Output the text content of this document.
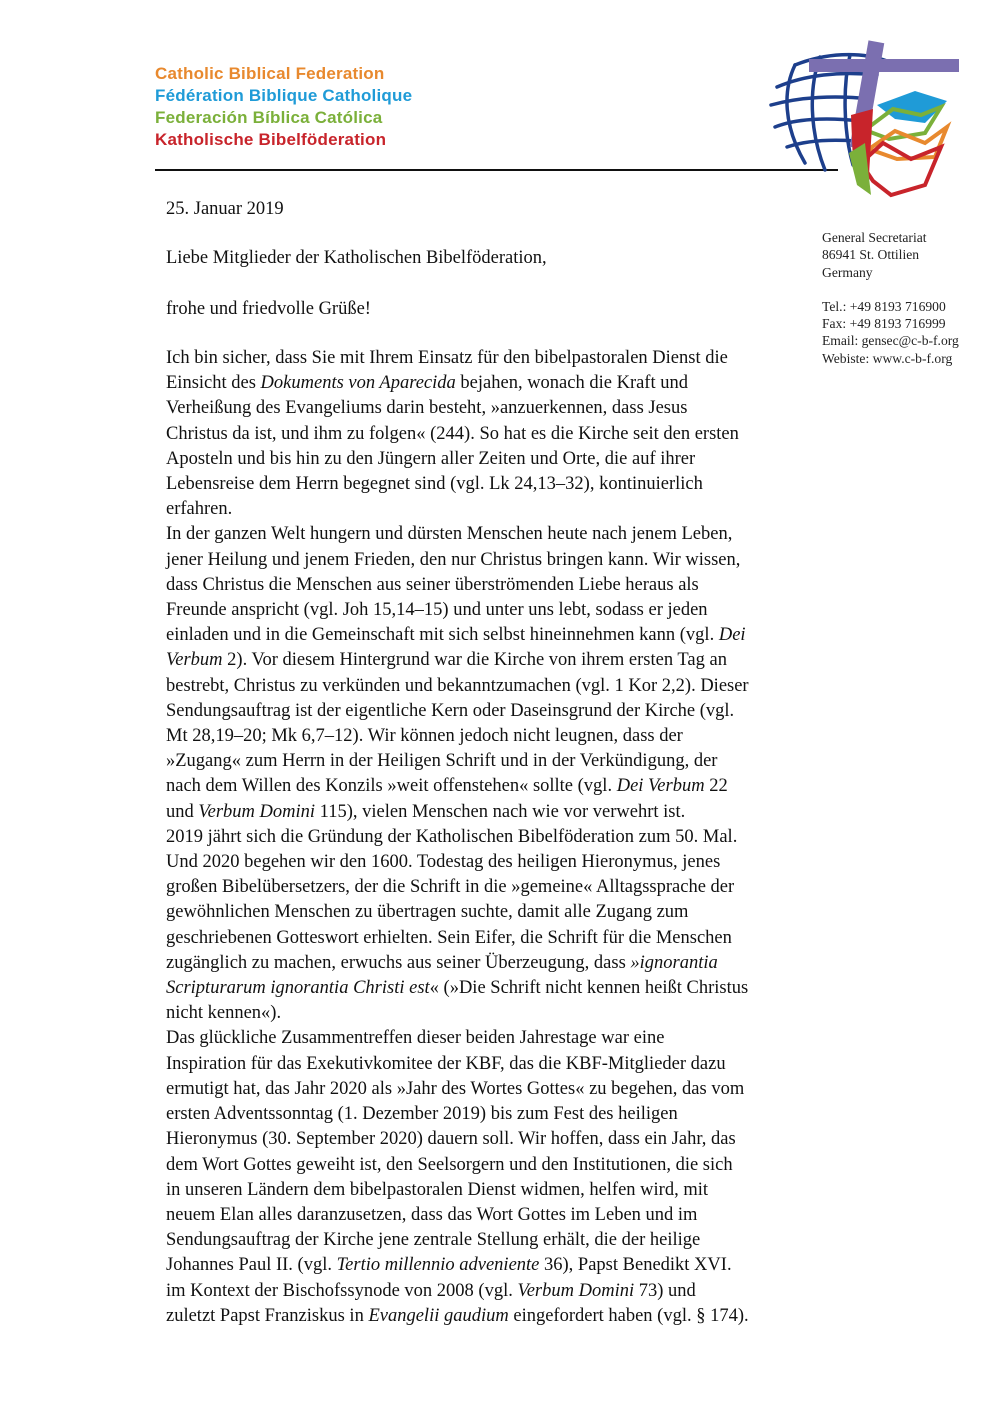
Catholic Biblical Federation
Fédération Biblique Catholique
Federación Bíblica Católica
Katholische Bibelföderation
General Secretariat
86941 St. Ottilien
Germany
Tel.: +49 8193 716900
Fax: +49 8193 716999
Email: gensec@c-b-f.org
Webiste: www.c-b-f.org
25. Januar 2019
Liebe Mitglieder der Katholischen Bibelföderation,
frohe und friedvolle Grüße!
Ich bin sicher, dass Sie mit Ihrem Einsatz für den bibelpastoralen Dienst die
Einsicht des Dokuments von Aparecida bejahen, wonach die Kraft und
Verheißung des Evangeliums darin besteht, »anzuerkennen, dass Jesus
Christus da ist, und ihm zu folgen« (244). So hat es die Kirche seit den ersten
Aposteln und bis hin zu den Jüngern aller Zeiten und Orte, die auf ihrer
Lebensreise dem Herrn begegnet sind (vgl. Lk 24,13–32), kontinuierlich
erfahren.
In der ganzen Welt hungern und dürsten Menschen heute nach jenem Leben,
jener Heilung und jenem Frieden, den nur Christus bringen kann. Wir wissen,
dass Christus die Menschen aus seiner überströmenden Liebe heraus als
Freunde anspricht (vgl. Joh 15,14–15) und unter uns lebt, sodass er jeden
einladen und in die Gemeinschaft mit sich selbst hineinnehmen kann (vgl. Dei
Verbum 2). Vor diesem Hintergrund war die Kirche von ihrem ersten Tag an
bestrebt, Christus zu verkünden und bekanntzumachen (vgl. 1 Kor 2,2). Dieser
Sendungsauftrag ist der eigentliche Kern oder Daseinsgrund der Kirche (vgl.
Mt 28,19–20; Mk 6,7–12). Wir können jedoch nicht leugnen, dass der
»Zugang« zum Herrn in der Heiligen Schrift und in der Verkündigung, der
nach dem Willen des Konzils »weit offenstehen« sollte (vgl. Dei Verbum 22
und Verbum Domini 115), vielen Menschen nach wie vor verwehrt ist.
2019 jährt sich die Gründung der Katholischen Bibelföderation zum 50. Mal.
Und 2020 begehen wir den 1600. Todestag des heiligen Hieronymus, jenes
großen Bibelübersetzers, der die Schrift in die »gemeine« Alltagssprache der
gewöhnlichen Menschen zu übertragen suchte, damit alle Zugang zum
geschriebenen Gotteswort erhielten. Sein Eifer, die Schrift für die Menschen
zugänglich zu machen, erwuchs aus seiner Überzeugung, dass »ignorantia
Scripturarum ignorantia Christi est« (»Die Schrift nicht kennen heißt Christus
nicht kennen«).
Das glückliche Zusammentreffen dieser beiden Jahrestage war eine
Inspiration für das Exekutivkomitee der KBF, das die KBF-Mitglieder dazu
ermutigt hat, das Jahr 2020 als »Jahr des Wortes Gottes« zu begehen, das vom
ersten Adventssonntag (1. Dezember 2019) bis zum Fest des heiligen
Hieronymus (30. September 2020) dauern soll. Wir hoffen, dass ein Jahr, das
dem Wort Gottes geweiht ist, den Seelsorgern und den Institutionen, die sich
in unseren Ländern dem bibelpastoralen Dienst widmen, helfen wird, mit
neuem Elan alles daranzusetzen, dass das Wort Gottes im Leben und im
Sendungsauftrag der Kirche jene zentrale Stellung erhält, die der heilige
Johannes Paul II. (vgl. Tertio millennio adveniente 36), Papst Benedikt XVI.
im Kontext der Bischofssynode von 2008 (vgl. Verbum Domini 73) und
zuletzt Papst Franziskus in Evangelii gaudium eingefordert haben (vgl. § 174).
